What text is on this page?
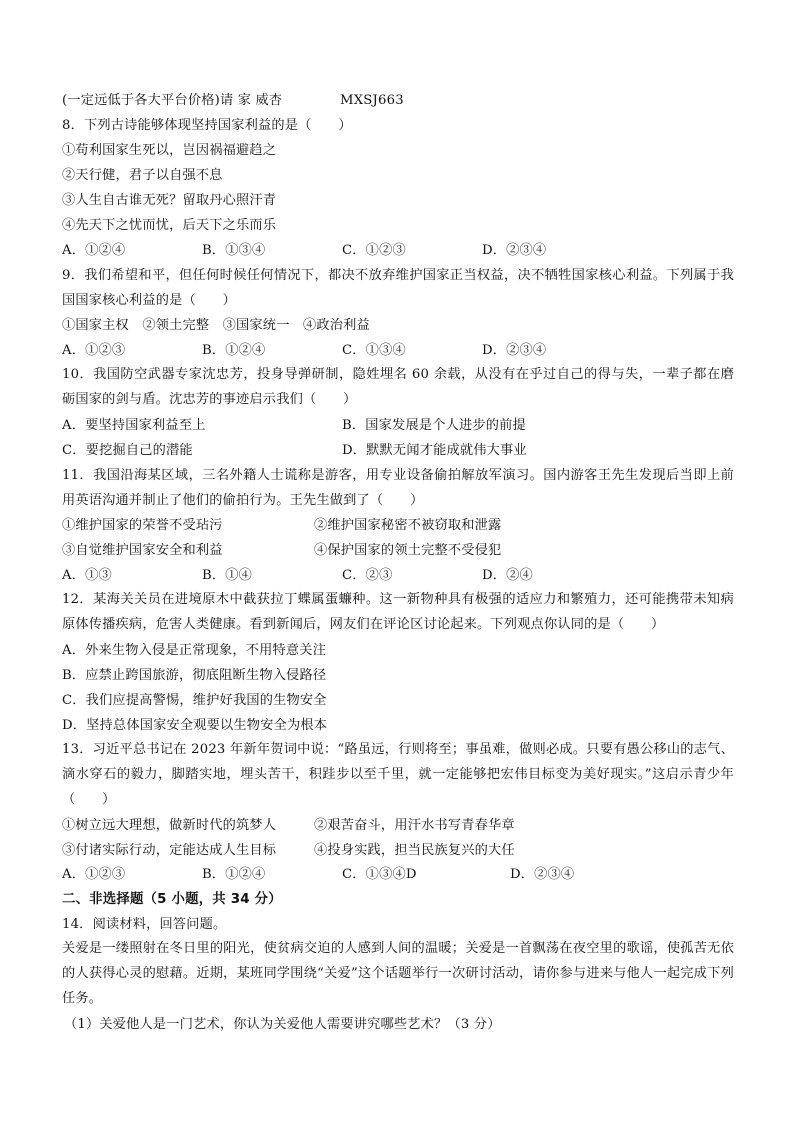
(一定远低于各大平台价格)请 家 威杏	MXSJ663
8．下列古诗能够体现坚持国家利益的是（　　）
①苟利国家生死以，岂因祸福避趋之
②天行健，君子以自强不息
③人生自古谁无死？留取丹心照汗青
④先天下之忧而忧，后天下之乐而乐
A．①②④	B．①③④	C．①②③	D．②③④
9．我们希望和平，但任何时候任何情况下，都决不放弃维护国家正当权益，决不牺牲国家核心利益。下列属于我国国家核心利益的是（　　）
①国家主权　②领土完整　③国家统一　④政治利益
A．①②③	B．①②④	C．①③④	D．②③④
10．我国防空武器专家沈忠芳，投身导弹研制，隐姓埋名 60 余载，从没有在乎过自己的得与失，一辈子都在磨砺国家的剑与盾。沈忠芳的事迹启示我们（　　）
A．要坚持国家利益至上	B．国家发展是个人进步的前提
C．要挖掘自己的潜能	D．默默无闻才能成就伟大事业
11．我国沿海某区域，三名外籍人士谎称是游客，用专业设备偷拍解放军演习。国内游客王先生发现后当即上前用英语沟通并制止了他们的偷拍行为。王先生做到了（　　）
①维护国家的荣誉不受玷污	②维护国家秘密不被窃取和泄露
③自觉维护国家安全和利益	④保护国家的领土完整不受侵犯
A．①③	B．①④	C．②③	D．②④
12．某海关关员在进境原木中截获拉丁蝶属蛋蠊种。这一新物种具有极强的适应力和繁殖力，还可能携带未知病原体传播疾病，危害人类健康。看到新闻后，网友们在评论区讨论起来。下列观点你认同的是（　　）
A．外来生物入侵是正常现象，不用特意关注
B．应禁止跨国旅游，彻底阻断生物入侵路径
C．我们应提高警惕，维护好我国的生物安全
D．坚持总体国家安全观要以生物安全为根本
13．习近平总书记在 2023 年新年贺词中说：“路虽远，行则将至；事虽难，做则必成。只要有愚公移山的志气、滴水穿石的毅力，脚踏实地，埋头苦干，积跬步以至千里，就一定能够把宏伟目标变为美好现实。”这启示青少年（　　）
①树立远大理想，做新时代的筑梦人	②艰苦奋斗，用汗水书写青春华章
③付诸实际行动，定能达成人生目标	④投身实践，担当民族复兴的大任
A．①②③	B．①②④	C．①③④D	D．②③④
二、非选择题（5 小题，共 34 分）
14．阅读材料，回答问题。
关爱是一缕照射在冬日里的阳光，使贫病交迫的人感到人间的温暖；关爱是一首飘荡在夜空里的歌谣，使孤苦无依的人获得心灵的慰藉。近期，某班同学围绕“关爱”这个话题举行一次研讨活动，请你参与进来与他人一起完成下列任务。
（1）关爱他人是一门艺术，你认为关爱他人需要讲究哪些艺术？（3 分）
